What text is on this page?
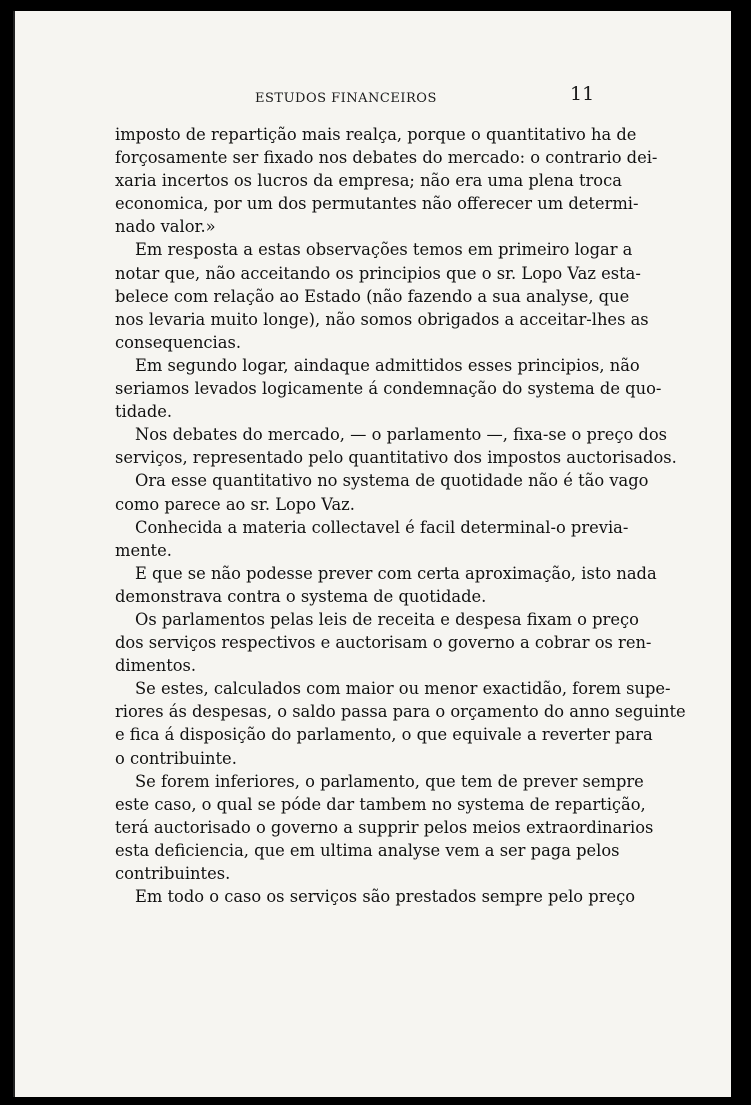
ESTUDOS FINANCEIROS	11
imposto de repartição mais realça, porque o quantitativo ha de
forçosamente ser fixado nos debates do mercado: o contrario dei-
xaria incertos os lucros da empresa; não era uma plena troca
economica, por um dos permutantes não offerecer um determi-
nado valor.»
Em resposta a estas observações temos em primeiro logar a
notar que, não acceitando os principios que o sr. Lopo Vaz esta-
belece com relação ao Estado (não fazendo a sua analyse, que
nos levaria muito longe), não somos obrigados a acceitar-lhes as
consequencias.
Em segundo logar, aindaque admittidos esses principios, não
seriamos levados logicamente á condemnação do systema de quo-
tidade.
Nos debates do mercado, — o parlamento —, fixa-se o preço dos
serviços, representado pelo quantitativo dos impostos auctorisados.
Ora esse quantitativo no systema de quotidade não é tão vago
como parece ao sr. Lopo Vaz.
Conhecida a materia collectavel é facil determinal-o previa-
mente.
E que se não podesse prever com certa aproximação, isto nada
demonstrava contra o systema de quotidade.
Os parlamentos pelas leis de receita e despesa fixam o preço
dos serviços respectivos e auctorisam o governo a cobrar os ren-
dimentos.
Se estes, calculados com maior ou menor exactidão, forem supe-
riores ás despesas, o saldo passa para o orçamento do anno seguinte
e fica á disposição do parlamento, o que equivale a reverter para
o contribuinte.
Se forem inferiores, o parlamento, que tem de prever sempre
este caso, o qual se póde dar tambem no systema de repartição,
terá auctorisado o governo a supprir pelos meios extraordinarios
esta deficiencia, que em ultima analyse vem a ser paga pelos
contribuintes.
Em todo o caso os serviços são prestados sempre pelo preço
